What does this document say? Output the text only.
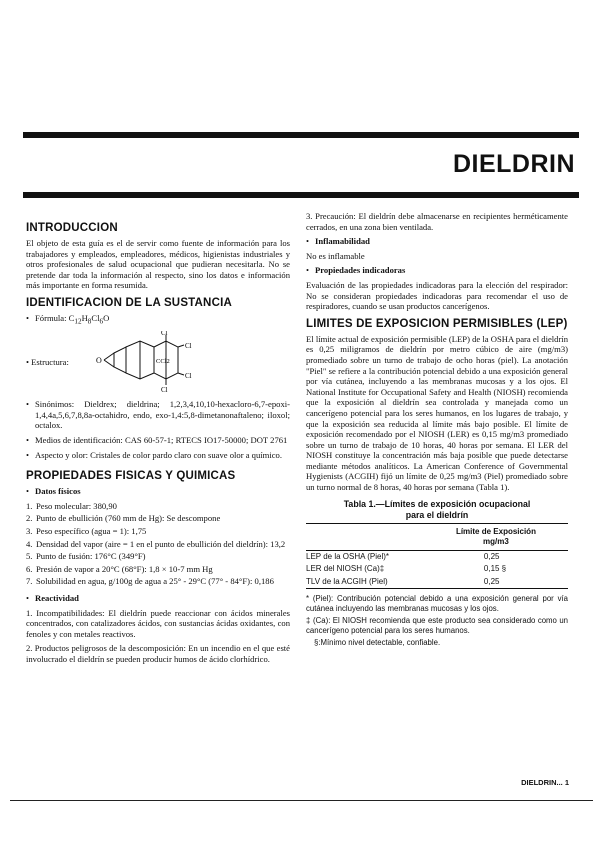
DIELDRIN
INTRODUCCION

El objeto de esta guía es el de servir como fuente de información para los trabajadores y empleados, empleadores, médicos, higienistas industriales y otros profesionales de salud ocupacional que pudieran necesitarla. No se pretende dar toda la información al respecto, sino los datos e información más importante en forma resumida.

IDENTIFICACION DE LA SUSTANCIA
• Fórmula: $C_{12}H_8Cl_6O$
• Estructura:	O	CCl2
Cl
Cl
Cl
Cl
• Sinónimos: Dieldrex; dieldrina; 1,2,3,4,10,10-hexacloro-6,7-epoxi-1,4,4a,5,6,7,8,8a-octahidro, endo, exo-1,4:5,8-dimetanonaftaleno; iloxol; octalox.
• Medios de identificación: CAS 60-57-1; RTECS IO17-50000; DOT 2761
• Aspecto y olor: Cristales de color pardo claro con suave olor a químico.
PROPIEDADES FISICAS Y QUIMICAS
• Datos físicos
1. Peso molecular: 380,90
2. Punto de ebullición (760 mm de Hg): Se descompone
3. Peso específico (agua = 1): 1,75
4. Densidad del vapor (aire = 1 en el punto de ebullición del dieldrín): 13,2
5. Punto de fusión: 176°C (349°F)
6. Presión de vapor a 20°C (68°F): 1,8 × 10-7 mm Hg
7. Solubilidad en agua, g/100g de agua a 25° - 29°C (77° - 84°F): 0,186
• Reactividad

1. Incompatibilidades: El dieldrín puede reaccionar con ácidos minerales concentrados, con catalizadores ácidos, con sustancias ácidas oxidantes, con fenoles y con metales reactivos.

2. Productos peligrosos de la descomposición: En un incendio en el que esté involucrado el dieldrín se pueden producir humos de ácido clorhídrico.

3. Precaución: El dieldrín debe almacenarse en recipientes herméticamente cerrados, en una zona bien ventilada.

• Inflamabilidad

No es inflamable

• Propiedades indicadoras

Evaluación de las propiedades indicadoras para la elección del respirador: No se consideran propiedades indicadoras para recomendar el uso de respiradores, cuando se usan productos cancerígenos.

LIMITES DE EXPOSICION PERMISIBLES (LEP)

El límite actual de exposición permisible (LEP) de la OSHA para el dieldrín es 0,25 miligramos de dieldrín por metro cúbico de aire (mg/m3) promediado sobre un turno de trabajo de ocho horas (piel). La anotación "Piel" se refiere a la contribución potencial debido a una exposición general por vía cutánea, incluyendo a las membranas mucosas y a los ojos. El National Institute for Occupational Safety and Health (NIOSH) recomienda que la exposición al dieldrín sea controlada y manejada como un cancerígeno potencial para los seres humanos, en los lugares de trabajo, y que la exposición sea reducida al límite más bajo posible. El límite de exposición recomendado por el NIOSH (LER) es 0,15 mg/m3 promediado sobre un turno de trabajo de 10 horas, 40 horas por semana. El LER del NIOSH constituye la concentración más baja posible que puede detectarse mediante métodos analíticos. La American Conference of Governmental Hygienists (ACGIH) fijó un límite de 0,25 mg/m3 (Piel) promediado sobre un turno normal de 8 horas, 40 horas por semana (Tabla 1).

Tabla 1.—Límites de exposición ocupacional
para el dieldrín

	Límite de Exposición
mg/m3

LEP de la OSHA (Piel)*	0,25
LER del NIOSH (Ca)‡	0,15 §
TLV de la ACGIH (Piel)	0,25

* (Piel): Contribución potencial debido a una exposición general por vía cutánea incluyendo las membranas mucosas y los ojos.

‡ (Ca): El NIOSH recomienda que este producto sea considerado como un cancerígeno potencial para los seres humanos.

§:Mínimo nivel detectable, confiable.

DIELDRIN... 1
